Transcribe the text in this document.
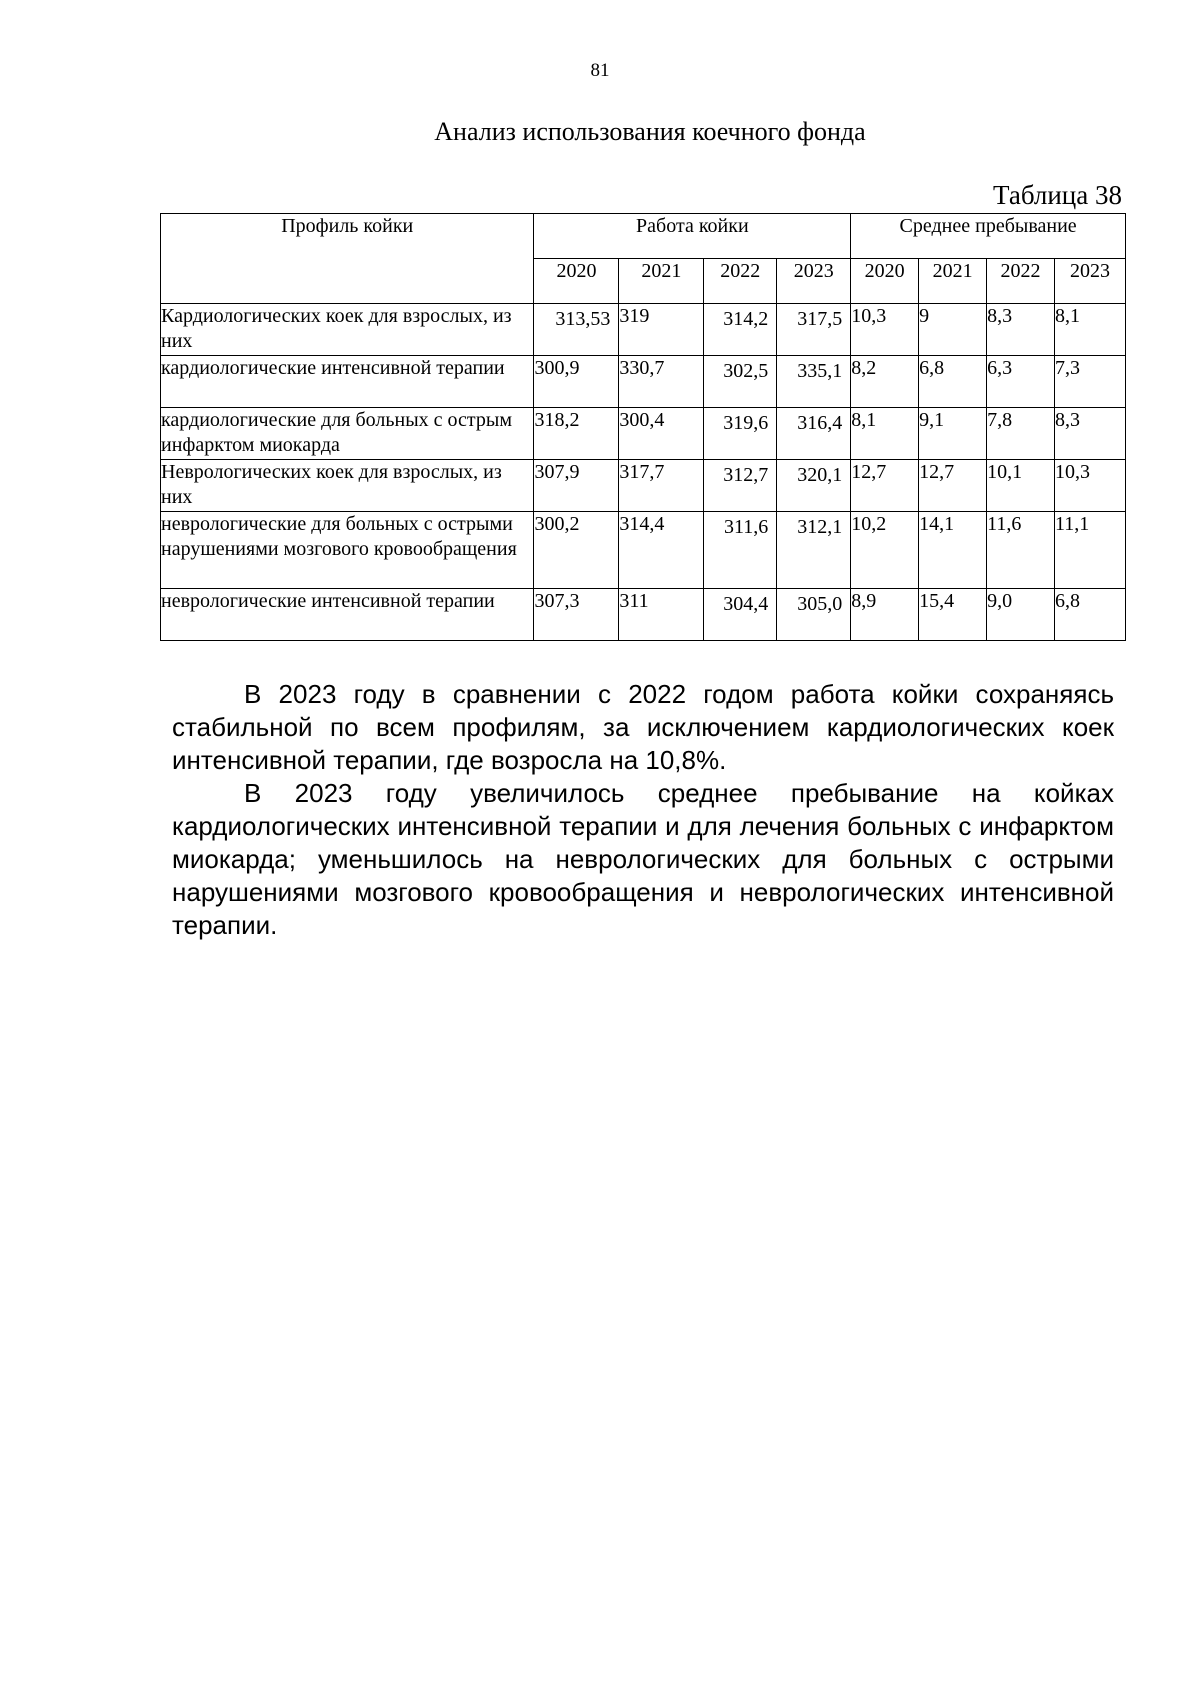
81
Анализ использования коечного фонда
Таблица 38
Профиль койки	Работа койки				Среднее пребывание			
	2020	2021	2022	2023	2020	2021	2022	2023
Кардиологических коек для взрослых, из них	313,53	319	314,2	317,5	10,3	9	8,3	8,1
кардиологические интенсивной терапии	300,9	330,7	302,5	335,1	8,2	6,8	6,3	7,3
кардиологические для больных с острым инфарктом миокарда	318,2	300,4	319,6	316,4	8,1	9,1	7,8	8,3
Неврологических коек для взрослых, из них	307,9	317,7	312,7	320,1	12,7	12,7	10,1	10,3
неврологические для больных с острыми нарушениями мозгового кровообращения	300,2	314,4	311,6	312,1	10,2	14,1	11,6	11,1
неврологические интенсивной терапии	307,3	311	304,4	305,0	8,9	15,4	9,0	6,8

В 2023 году в сравнении с 2022 годом работа койки сохраняясь стабильной по всем профилям, за исключением кардиологических коек интенсивной терапии, где возросла на 10,8%.

В 2023 году увеличилось среднее пребывание на койках кардиологических интенсивной терапии и для лечения больных с инфарктом миокарда; уменьшилось на неврологических для больных с острыми нарушениями мозгового кровообращения и неврологических интенсивной терапии.
